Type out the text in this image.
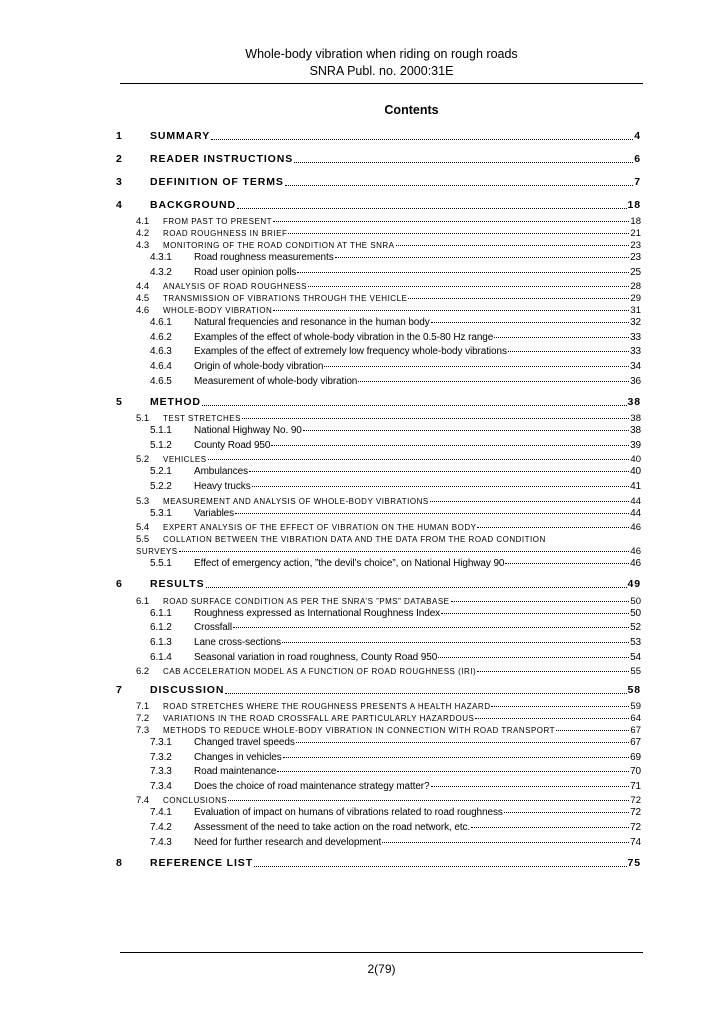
Whole-body vibration when riding on rough roads
SNRA Publ. no. 2000:31E
Contents
1	SUMMARY	4
2	READER INSTRUCTIONS	6
3	DEFINITION OF TERMS	7
4	BACKGROUND	18
4.1	FROM PAST TO PRESENT	18
4.2	ROAD ROUGHNESS IN BRIEF	21
4.3	MONITORING OF THE ROAD CONDITION AT THE SNRA	23
4.3.1	Road roughness measurements	23
4.3.2	Road user opinion polls	25
4.4	ANALYSIS OF ROAD ROUGHNESS	28
4.5	TRANSMISSION OF VIBRATIONS THROUGH THE VEHICLE	29
4.6	WHOLE-BODY VIBRATION	31
4.6.1	Natural frequencies and resonance in the human body	32
4.6.2	Examples of the effect of whole-body vibration in the 0.5-80 Hz range	33
4.6.3	Examples of the effect of extremely low frequency whole-body vibrations	33
4.6.4	Origin of whole-body vibration	34
4.6.5	Measurement of whole-body vibration	36
5	METHOD	38
5.1	TEST STRETCHES	38
5.1.1	National Highway No. 90	38
5.1.2	County Road 950	39
5.2	VEHICLES	40
5.2.1	Ambulances	40
5.2.2	Heavy trucks	41
5.3	MEASUREMENT AND ANALYSIS OF WHOLE-BODY VIBRATIONS	44
5.3.1	Variables	44
5.4	EXPERT ANALYSIS OF THE EFFECT OF VIBRATION ON THE HUMAN BODY	46
5.5 COLLATION BETWEEN THE VIBRATION DATA AND THE DATA FROM THE ROAD CONDITION
SURVEYS	46
5.5.1	Effect of emergency action, ”the devil’s choice”, on National Highway 90	46
6	RESULTS	49
6.1	ROAD SURFACE CONDITION AS PER THE SNRA’S ”PMS” DATABASE	50
6.1.1	Roughness expressed as International Roughness Index	50
6.1.2	Crossfall	52
6.1.3	Lane cross-sections	53
6.1.4	Seasonal variation in road roughness, County Road 950	54
6.2	CAB ACCELERATION MODEL AS A FUNCTION OF ROAD ROUGHNESS (IRI)	55
7	DISCUSSION	58
7.1	ROAD STRETCHES WHERE THE ROUGHNESS PRESENTS A HEALTH HAZARD	59
7.2	VARIATIONS IN THE ROAD CROSSFALL ARE PARTICULARLY HAZARDOUS	64
7.3	METHODS TO REDUCE WHOLE-BODY VIBRATION IN CONNECTION WITH ROAD TRANSPORT	67
7.3.1	Changed travel speeds	67
7.3.2	Changes in vehicles	69
7.3.3	Road maintenance	70
7.3.4	Does the choice of road maintenance strategy matter?	71
7.4	CONCLUSIONS	72
7.4.1	Evaluation of impact on humans of vibrations related to road roughness	72
7.4.2	Assessment of the need to take action on the road network, etc.	72
7.4.3	Need for further research and development	74
8	REFERENCE LIST	75
2(79)
